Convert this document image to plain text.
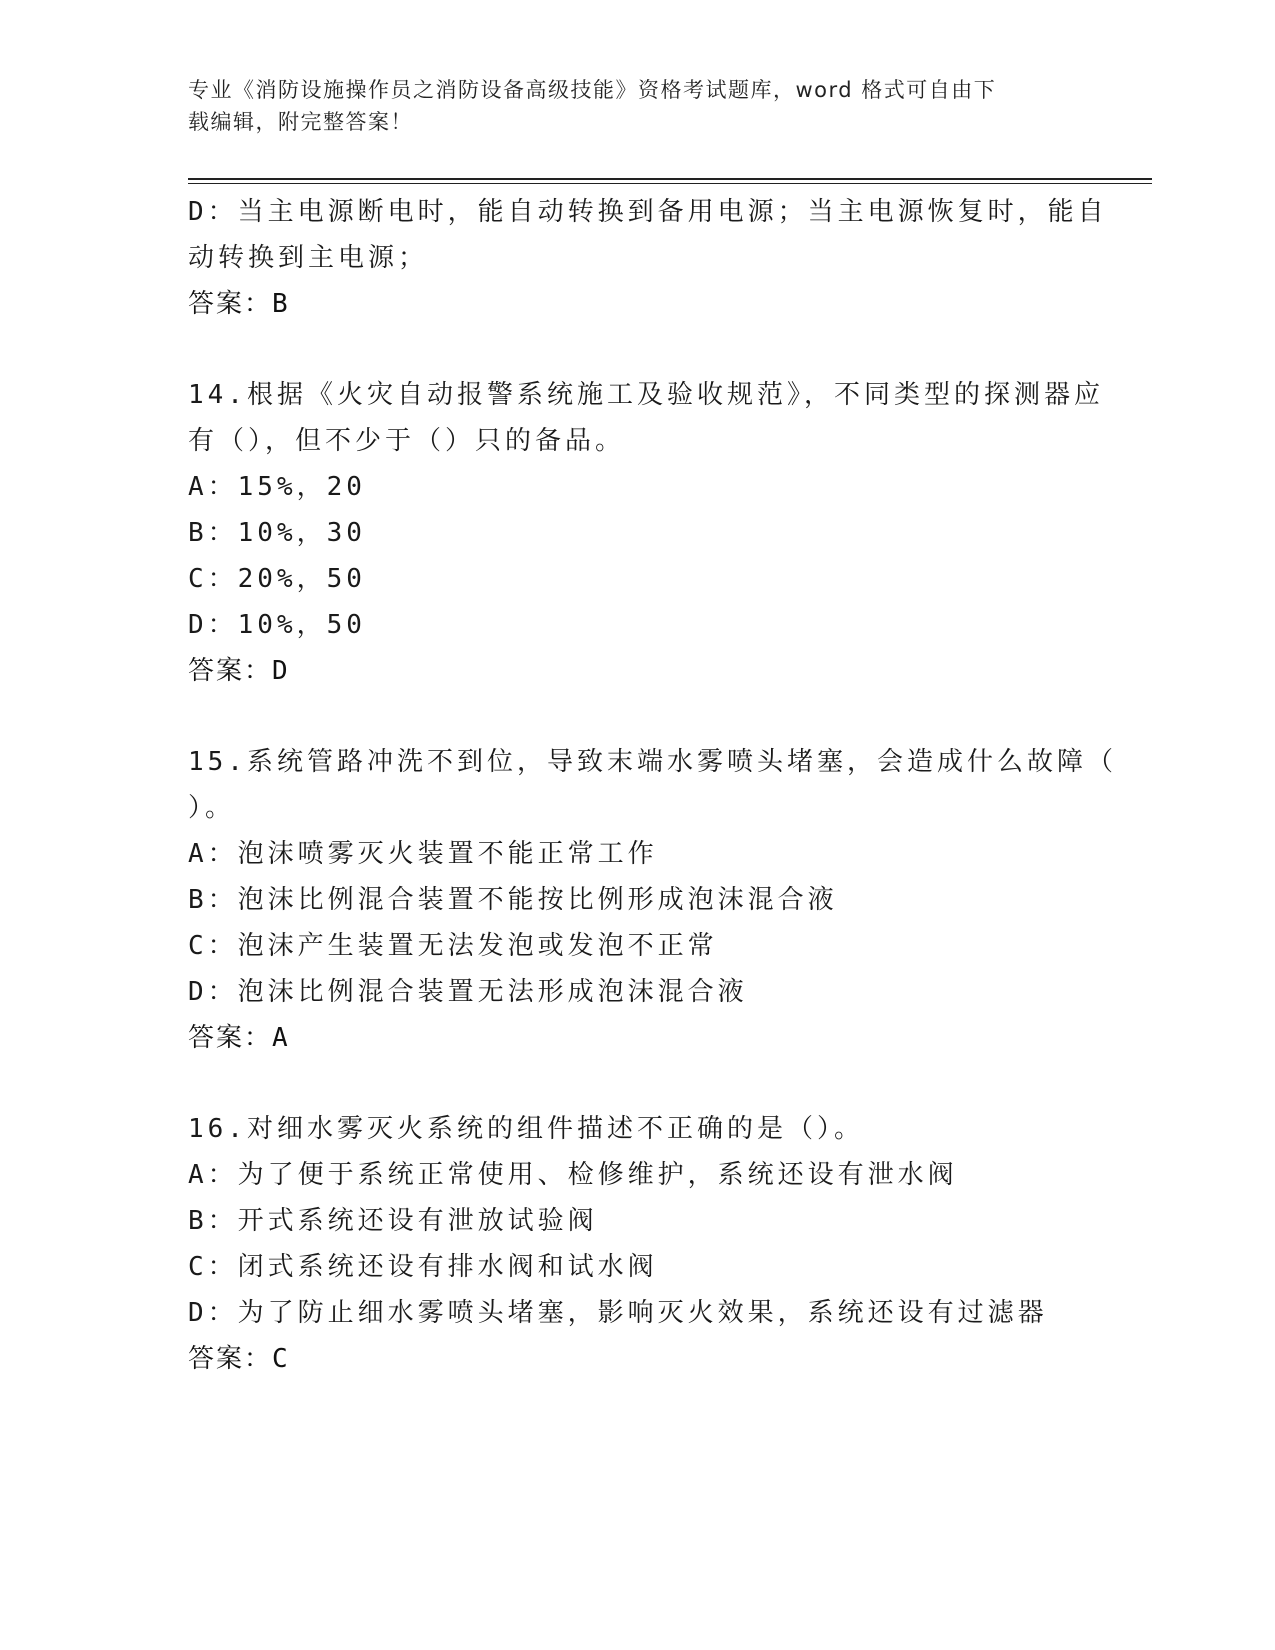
专业《消防设施操作员之消防设备高级技能》资格考试题库，word 格式可自由下
载编辑，附完整答案！
D：当主电源断电时，能自动转换到备用电源；当主电源恢复时，能自
动转换到主电源；
答案：B
14.根据《火灾自动报警系统施工及验收规范》，不同类型的探测器应
有（），但不少于（）只的备品。
A：15%，20
B：10%，30
C：20%，50
D：10%，50
答案：D
15.系统管路冲洗不到位，导致末端水雾喷头堵塞，会造成什么故障（
）。
A：泡沫喷雾灭火装置不能正常工作
B：泡沫比例混合装置不能按比例形成泡沫混合液
C：泡沫产生装置无法发泡或发泡不正常
D：泡沫比例混合装置无法形成泡沫混合液
答案：A
16.对细水雾灭火系统的组件描述不正确的是（）。
A：为了便于系统正常使用、检修维护，系统还设有泄水阀
B：开式系统还设有泄放试验阀
C：闭式系统还设有排水阀和试水阀
D：为了防止细水雾喷头堵塞，影响灭火效果，系统还设有过滤器
答案：C
